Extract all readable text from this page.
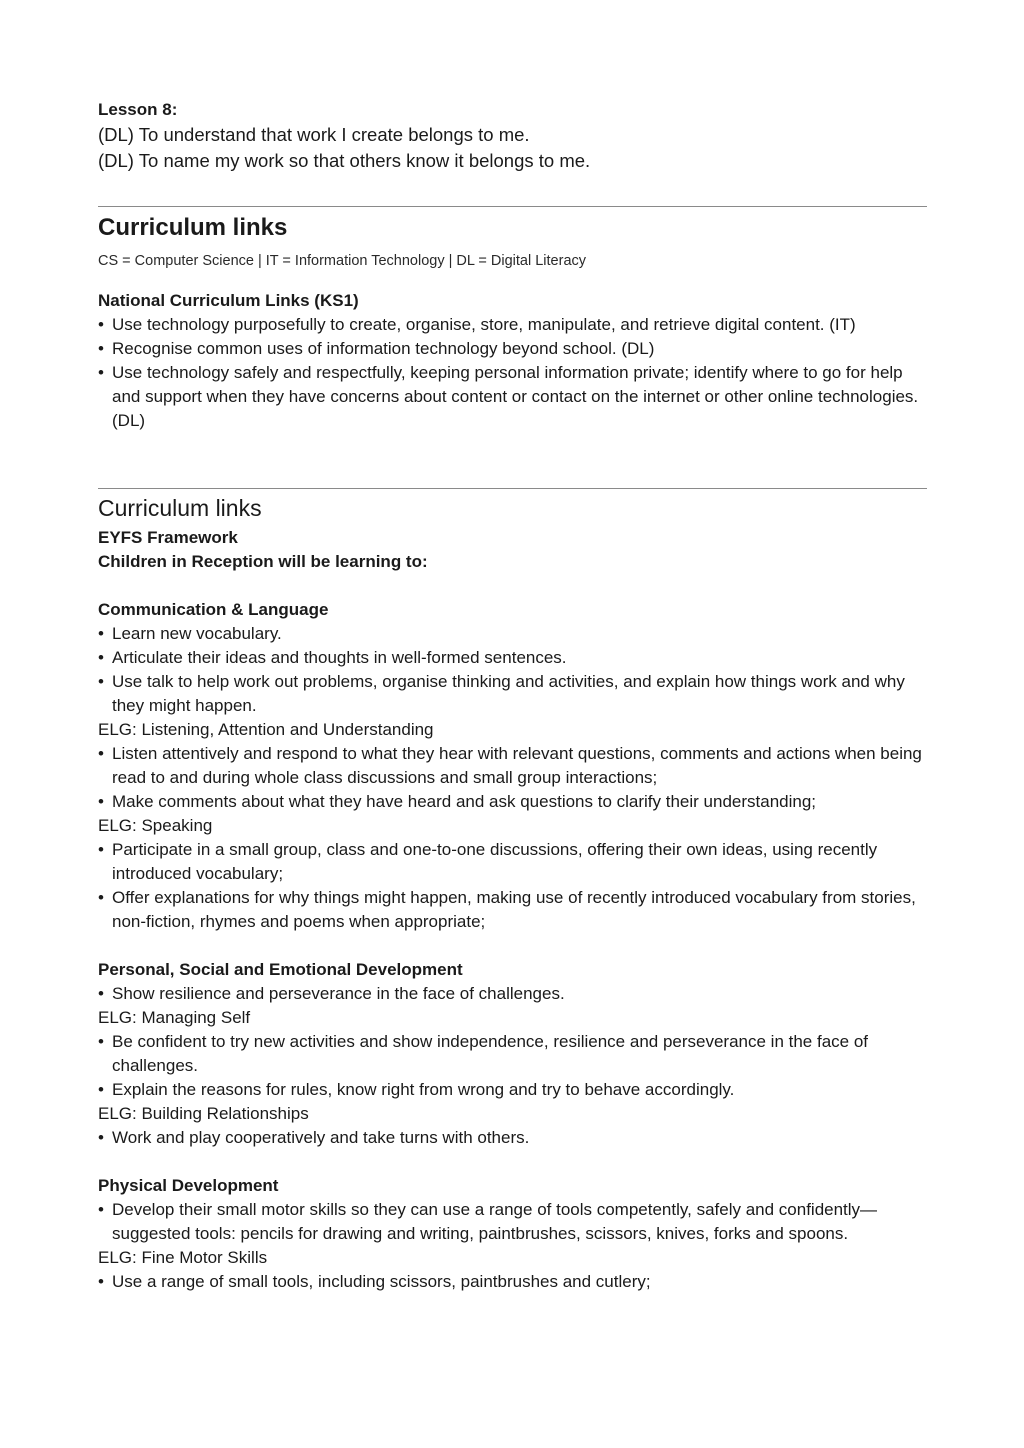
Lesson 8:

(DL) To understand that work I create belongs to me.

(DL) To name my work so that others know it belongs to me.

Curriculum links

CS = Computer Science | IT = Information Technology | DL = Digital Literacy

National Curriculum Links (KS1)

• Use technology purposefully to create, organise, store, manipulate, and retrieve digital content. (IT)
• Recognise common uses of information technology beyond school. (DL)
• Use technology safely and respectfully, keeping personal information private; identify where to go for help and support when they have concerns about content or contact on the internet or other online technologies. (DL)
Curriculum links

EYFS Framework

Children in Reception will be learning to:

Communication & Language

• Learn new vocabulary.
• Articulate their ideas and thoughts in well-formed sentences.
• Use talk to help work out problems, organise thinking and activities, and explain how things work and why they might happen.

ELG: Listening, Attention and Understanding

• Listen attentively and respond to what they hear with relevant questions, comments and actions when being read to and during whole class discussions and small group interactions;
• Make comments about what they have heard and ask questions to clarify their understanding;

ELG: Speaking

• Participate in a small group, class and one-to-one discussions, offering their own ideas, using recently introduced vocabulary;
• Offer explanations for why things might happen, making use of recently introduced vocabulary from stories, non-fiction, rhymes and poems when appropriate;

Personal, Social and Emotional Development

• Show resilience and perseverance in the face of challenges.

ELG: Managing Self

• Be confident to try new activities and show independence, resilience and perseverance in the face of challenges.
• Explain the reasons for rules, know right from wrong and try to behave accordingly.

ELG: Building Relationships

• Work and play cooperatively and take turns with others.

Physical Development

• Develop their small motor skills so they can use a range of tools competently, safely and confidently—suggested tools: pencils for drawing and writing, paintbrushes, scissors, knives, forks and spoons.

ELG: Fine Motor Skills

• Use a range of small tools, including scissors, paintbrushes and cutlery;
